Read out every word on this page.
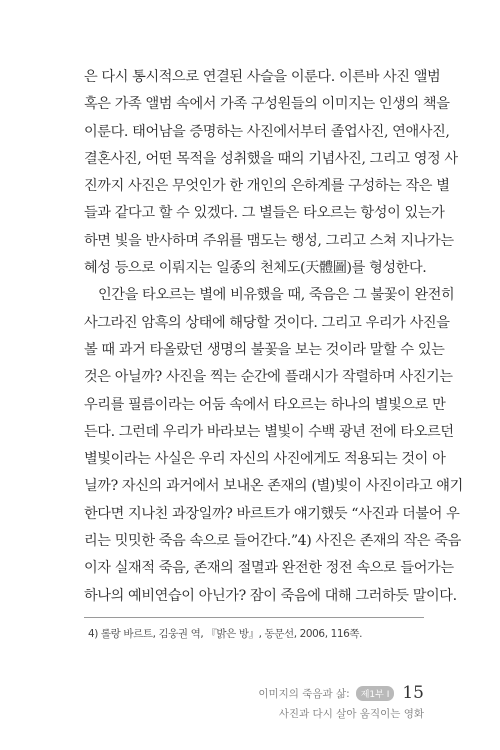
은 다시 통시적으로 연결된 사슬을 이룬다. 이른바 사진 앨범
혹은 가족 앨범 속에서 가족 구성원들의 이미지는 인생의 책을
이룬다. 태어남을 증명하는 사진에서부터 졸업사진, 연애사진,
결혼사진, 어떤 목적을 성취했을 때의 기념사진, 그리고 영정 사
진까지 사진은 무엇인가 한 개인의 은하계를 구성하는 작은 별
들과 같다고 할 수 있겠다. 그 별들은 타오르는 항성이 있는가
하면 빛을 반사하며 주위를 맴도는 행성, 그리고 스쳐 지나가는
혜성 등으로 이뤄지는 일종의 천체도(天體圖)를 형성한다.
인간을 타오르는 별에 비유했을 때, 죽음은 그 불꽃이 완전히
사그라진 암흑의 상태에 해당할 것이다. 그리고 우리가 사진을
볼 때 과거 타올랐던 생명의 불꽃을 보는 것이라 말할 수 있는
것은 아닐까? 사진을 찍는 순간에 플래시가 작렬하며 사진기는
우리를 필름이라는 어둠 속에서 타오르는 하나의 별빛으로 만
든다. 그런데 우리가 바라보는 별빛이 수백 광년 전에 타오르던
별빛이라는 사실은 우리 자신의 사진에게도 적용되는 것이 아
닐까? 자신의 과거에서 보내온 존재의 (별)빛이 사진이라고 얘기
한다면 지나친 과장일까? 바르트가 얘기했듯 “사진과 더불어 우
리는 밋밋한 죽음 속으로 들어간다.”4) 사진은 존재의 작은 죽음
이자 실재적 죽음, 존재의 절멸과 완전한 정전 속으로 들어가는
하나의 예비연습이 아닌가? 잠이 죽음에 대해 그러하듯 말이다.
4) 롤랑 바르트, 김웅권 역, 『밝은 방』, 동문선, 2006, 116쪽.
이미지의 죽음과 삶:	제1부 I 15
사진과 다시 살아 움직이는 영화
